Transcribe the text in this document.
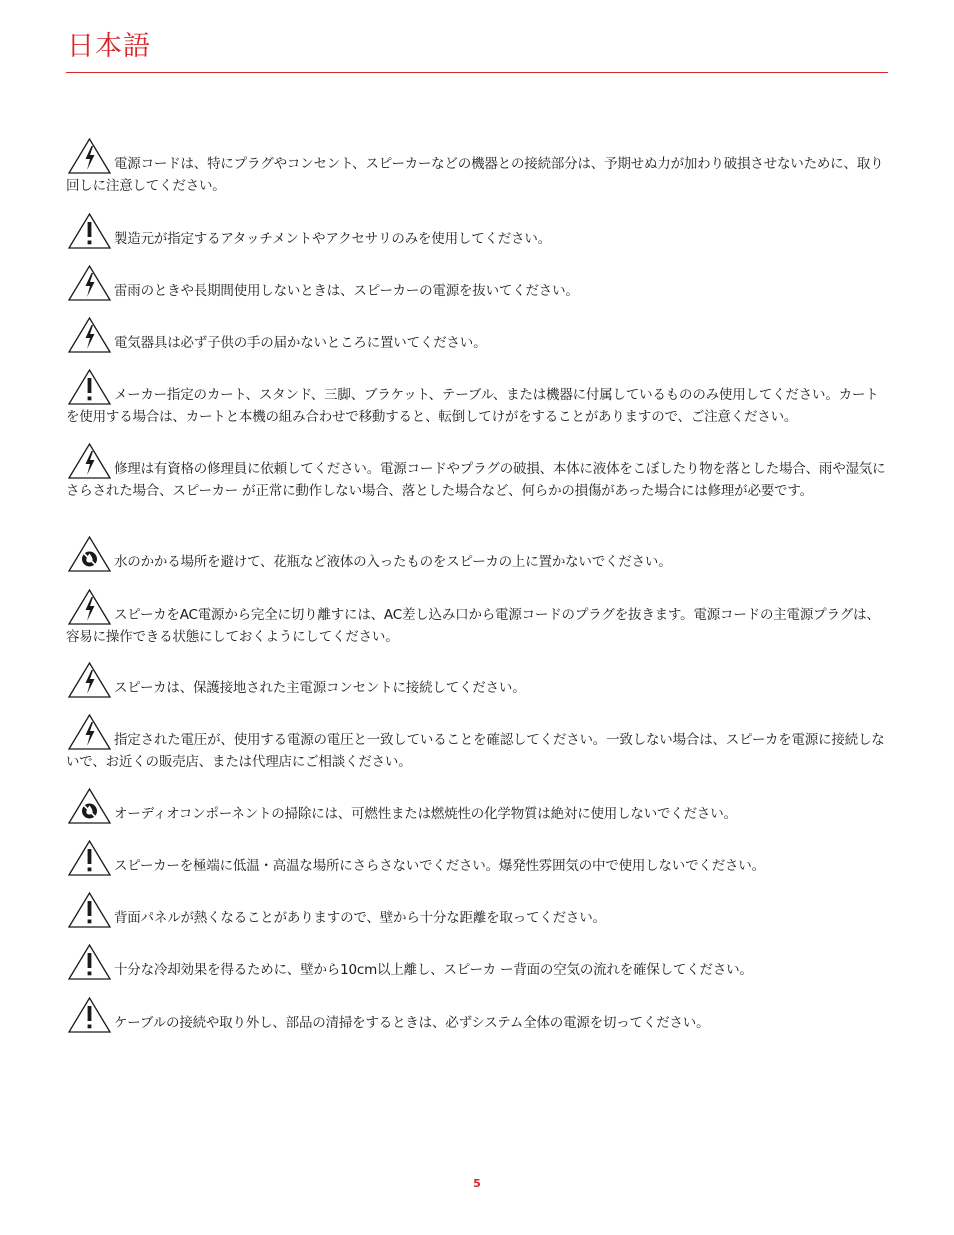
日本語
電源コードは、特にプラグやコンセント、スピーカーなどの機器との接続部分は、予期せぬ力が加わり破損させないために、取り回しに注意してください。
製造元が指定するアタッチメントやアクセサリのみを使用してください。
雷雨のときや長期間使用しないときは、スピーカーの電源を抜いてください。
電気器具は必ず子供の手の届かないところに置いてください。
メーカー指定のカート、スタンド、三脚、ブラケット、テーブル、または機器に付属しているもののみ使用してください。カートを使用する場合は、カートと本機の組み合わせで移動すると、転倒してけがをすることがありますので、ご注意ください。
修理は有資格の修理員に依頼してください。電源コードやプラグの破損、本体に液体をこぼしたり物を落とした場合、雨や湿気にさらされた場合、スピーカー が正常に動作しない場合、落とした場合など、何らかの損傷があった場合には修理が必要です。
水のかかる場所を避けて、花瓶など液体の入ったものをスピーカの上に置かないでください。
スピーカをAC電源から完全に切り離すには、AC差し込み口から電源コードのプラグを抜きます。電源コードの主電源プラグは、容易に操作できる状態にしておくようにしてください。
スピーカは、保護接地された主電源コンセントに接続してください。
指定された電圧が、使用する電源の電圧と一致していることを確認してください。一致しない場合は、スピーカを電源に接続しないで、お近くの販売店、または代理店にご相談ください。
オーディオコンポーネントの掃除には、可燃性または燃焼性の化学物質は絶対に使用しないでください。
スピーカーを極端に低温・高温な場所にさらさないでください。爆発性雰囲気の中で使用しないでください。
背面パネルが熱くなることがありますので、壁から十分な距離を取ってください。
十分な冷却効果を得るために、壁から10cm以上離し、スピーカ ー背面の空気の流れを確保してください。
ケーブルの接続や取り外し、部品の清掃をするときは、必ずシステム全体の電源を切ってください。
5
